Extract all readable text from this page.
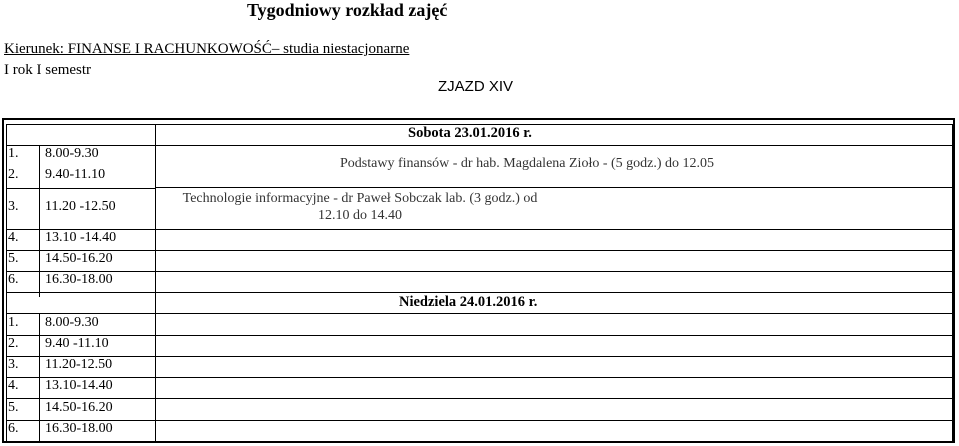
Tygodniowy rozkład zajęć
Kierunek: FINANSE I RACHUNKOWOŚĆ– studia niestacjonarne
I rok I semestr
ZJAZD XIV
Sobota 23.01.2016 r.
1. 8.00-9.30
2. 9.40-11.10
3. 11.20 -12.50
4. 13.10 -14.40
5. 14.50-16.20
6. 16.30-18.00
Podstawy finansów - dr hab. Magdalena Zioło - (5 godz.) do 12.05
Technologie informacyjne - dr Paweł Sobczak lab. (3 godz.) od 12.10 do 14.40
Niedziela 24.01.2016 r.
1. 8.00-9.30
2. 9.40 -11.10
3. 11.20-12.50
4. 13.10-14.40
5. 14.50-16.20
6. 16.30-18.00
